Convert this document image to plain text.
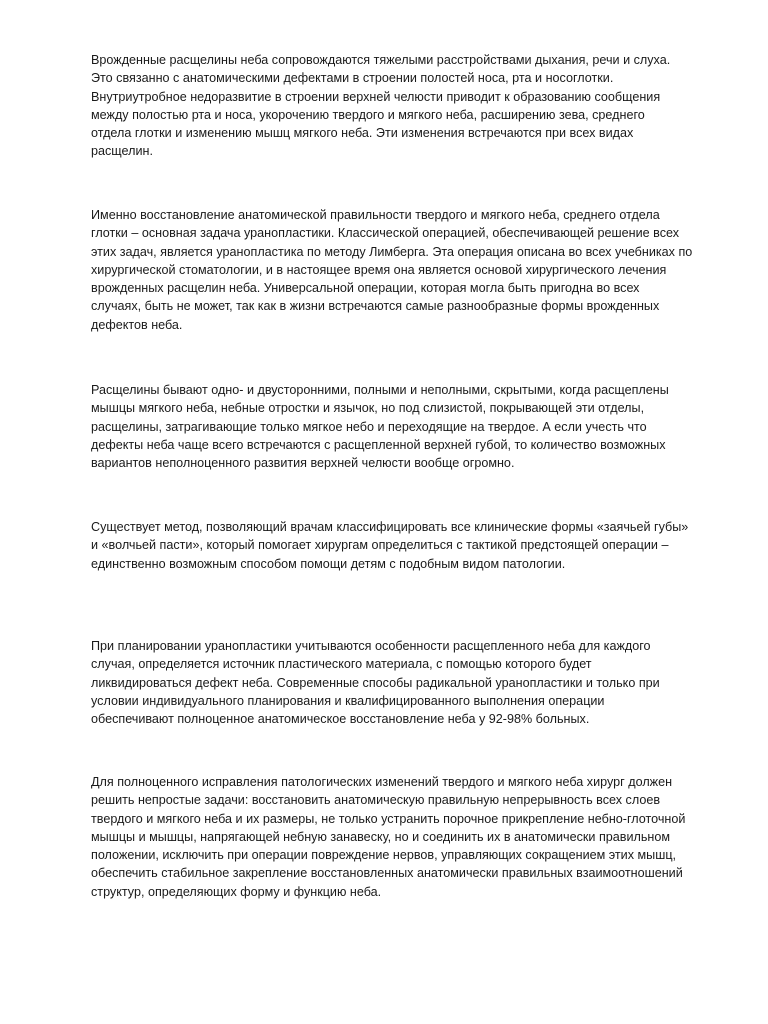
Врожденные расщелины неба сопровождаются тяжелыми расстройствами дыхания, речи и слуха.
Это связанно с анатомическими дефектами в строении полостей носа, рта и носоглотки.
Внутриутробное недоразвитие в строении верхней челюсти приводит к образованию сообщения
между полостью рта и носа, укорочению твердого и мягкого неба, расширению зева, среднего
отдела глотки и изменению мышц мягкого неба. Эти изменения встречаются при всех видах
расщелин.

Именно восстановление анатомической правильности твердого и мягкого неба, среднего отдела
глотки – основная задача уранопластики. Классической операцией, обеспечивающей решение всех
этих задач, является уранопластика по методу Лимберга. Эта операция описана во всех учебниках по
хирургической стоматологии, и в настоящее время она является основой хирургического лечения
врожденных расщелин неба. Универсальной операции, которая могла быть пригодна во всех
случаях, быть не может, так как в жизни встречаются самые разнообразные формы врожденных
дефектов неба.

Расщелины бывают одно- и двусторонними, полными и неполными, скрытыми, когда расщеплены
мышцы мягкого неба, небные отростки и язычок, но под слизистой, покрывающей эти отделы,
расщелины, затрагивающие только мягкое небо и переходящие на твердое. А если учесть что
дефекты неба чаще всего встречаются с расщепленной верхней губой, то количество возможных
вариантов неполноценного развития верхней челюсти вообще огромно.

Существует метод, позволяющий врачам классифицировать все клинические формы «заячьей губы»
и «волчьей пасти», который помогает хирургам определиться с тактикой предстоящей операции –
единственно возможным способом помощи детям с подобным видом патологии.

При планировании уранопластики учитываются особенности расщепленного неба для каждого
случая, определяется источник пластического материала, с помощью которого будет
ликвидироваться дефект неба. Современные способы радикальной уранопластики и только при
условии индивидуального планирования и квалифицированного выполнения операции
обеспечивают полноценное анатомическое восстановление неба у 92-98% больных.

Для полноценного исправления патологических изменений твердого и мягкого неба хирург должен
решить непростые задачи: восстановить анатомическую правильную непрерывность всех слоев
твердого и мягкого неба и их размеры, не только устранить порочное прикрепление небно-глоточной
мышцы и мышцы, напрягающей небную занавеску, но и соединить их в анатомически правильном
положении, исключить при операции повреждение нервов, управляющих сокращением этих мышц,
обеспечить стабильное закрепление восстановленных анатомически правильных взаимоотношений
структур, определяющих форму и функцию неба.
